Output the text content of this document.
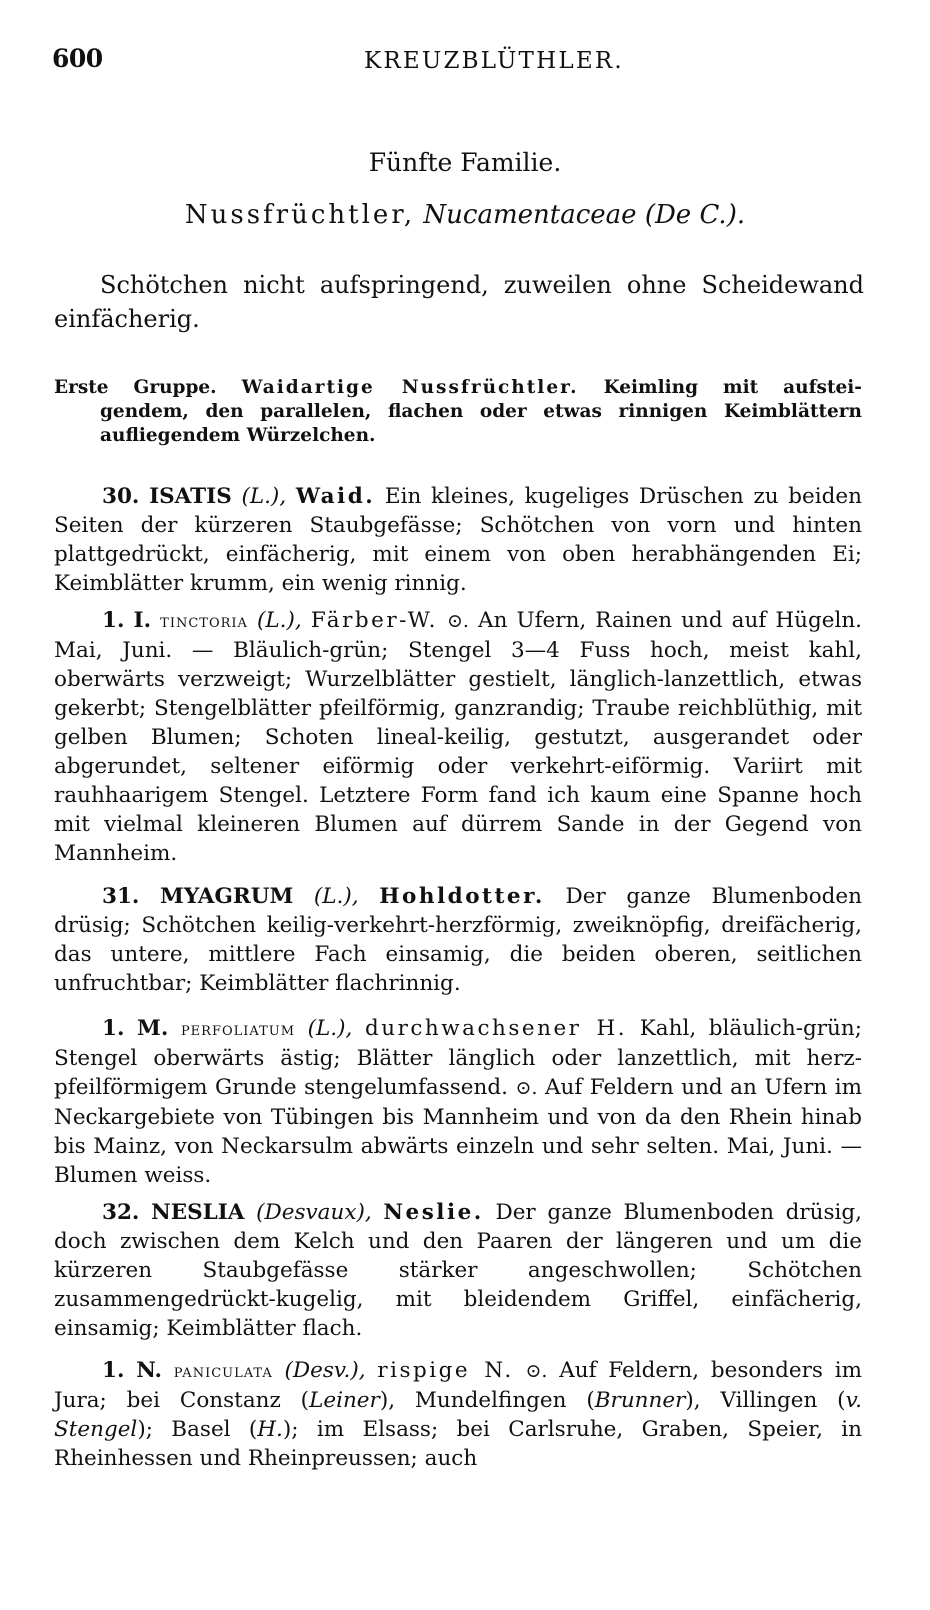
600	KREUZBLÜTHLER.
Fünfte Familie.
Nussfrüchtler, Nucamentaceae (De C.).
Schötchen nicht aufspringend, zuweilen ohne Scheidewand einfächerig.
Erste Gruppe. Waidartige Nussfrüchtler. Keimling mit aufstei-
gendem, den parallelen, flachen oder etwas rinnigen Keimblättern aufliegendem Würzelchen.
30. ISATIS (L.), Waid. Ein kleines, kugeliges Drüschen zu beiden Seiten der kürzeren Staubgefässe; Schötchen von vorn und hinten plattgedrückt, einfächerig, mit einem von oben herabhängenden Ei; Keimblätter krumm, ein wenig rinnig.
1. I. tinctoria (L.), Färber-W. ⊙. An Ufern, Rainen und auf Hügeln. Mai, Juni. — Bläulich-grün; Stengel 3—4 Fuss hoch, meist kahl, oberwärts verzweigt; Wurzelblätter gestielt, länglich-lanzettlich, etwas gekerbt; Stengelblätter pfeilförmig, ganzrandig; Traube reichblüthig, mit gelben Blumen; Schoten lineal-keilig, gestutzt, ausgerandet oder abgerundet, seltener eiförmig oder verkehrt-eiförmig. Variirt mit rauhhaarigem Stengel. Letztere Form fand ich kaum eine Spanne hoch mit vielmal kleineren Blumen auf dürrem Sande in der Gegend von Mannheim.
31. MYAGRUM (L.), Hohldotter. Der ganze Blumenboden drüsig; Schötchen keilig-verkehrt-herzförmig, zweiknöpfig, dreifächerig, das untere, mittlere Fach einsamig, die beiden oberen, seitlichen unfruchtbar; Keimblätter flachrinnig.
1. M. perfoliatum (L.), durchwachsener H. Kahl, bläulich-grün; Stengel oberwärts ästig; Blätter länglich oder lanzettlich, mit herz-pfeilförmigem Grunde stengelumfassend. ⊙. Auf Feldern und an Ufern im Neckargebiete von Tübingen bis Mannheim und von da den Rhein hinab bis Mainz, von Neckarsulm abwärts einzeln und sehr selten. Mai, Juni. — Blumen weiss.
32. NESLIA (Desvaux), Neslie. Der ganze Blumenboden drüsig, doch zwischen dem Kelch und den Paaren der längeren und um die kürzeren Staubgefässe stärker angeschwollen; Schötchen zusammengedrückt-kugelig, mit bleidendem Griffel, einfächerig, einsamig; Keimblätter flach.
1. N. paniculata (Desv.), rispige N. ⊙. Auf Feldern, besonders im Jura; bei Constanz (Leiner), Mundelfingen (Brunner), Villingen (v. Stengel); Basel (H.); im Elsass; bei Carlsruhe, Graben, Speier, in Rheinhessen und Rheinpreussen; auch
